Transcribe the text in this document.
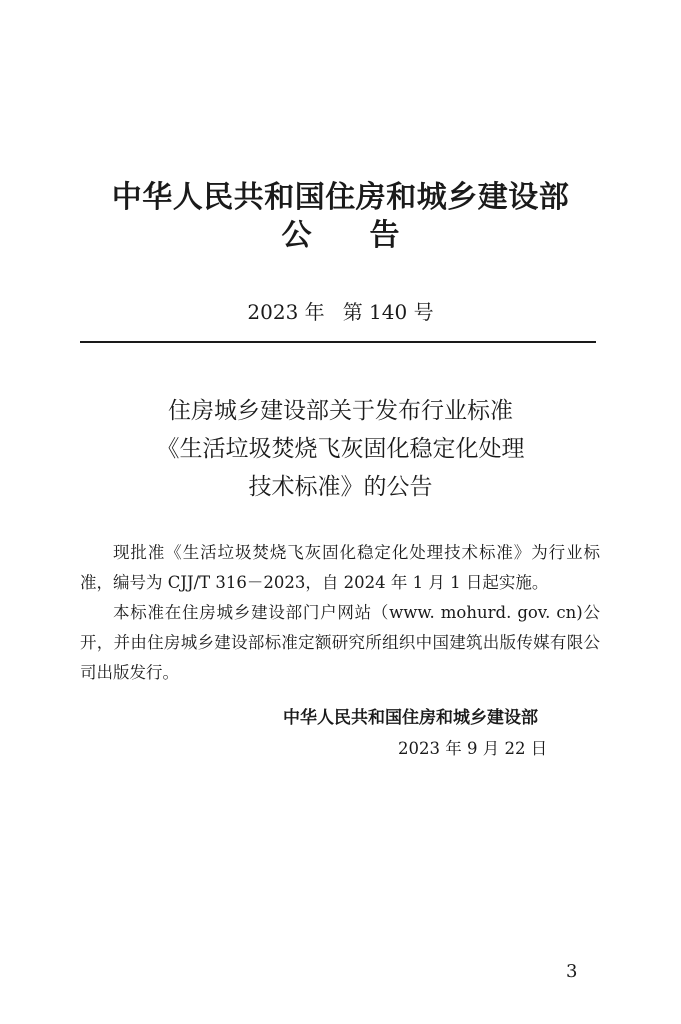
中华人民共和国住房和城乡建设部
公 告
2023 年 第 140 号
住房城乡建设部关于发布行业标准
《生活垃圾焚烧飞灰固化稳定化处理
技术标准》的公告

现批准《生活垃圾焚烧飞灰固化稳定化处理技术标准》为行业标准，编号为 CJJ/T 316－2023，自 2024 年 1 月 1 日起实施。

本标准在住房城乡建设部门户网站（www. mohurd. gov. cn)公开，并由住房城乡建设部标准定额研究所组织中国建筑出版传媒有限公司出版发行。

中华人民共和国住房和城乡建设部
2023 年 9 月 22 日
3
